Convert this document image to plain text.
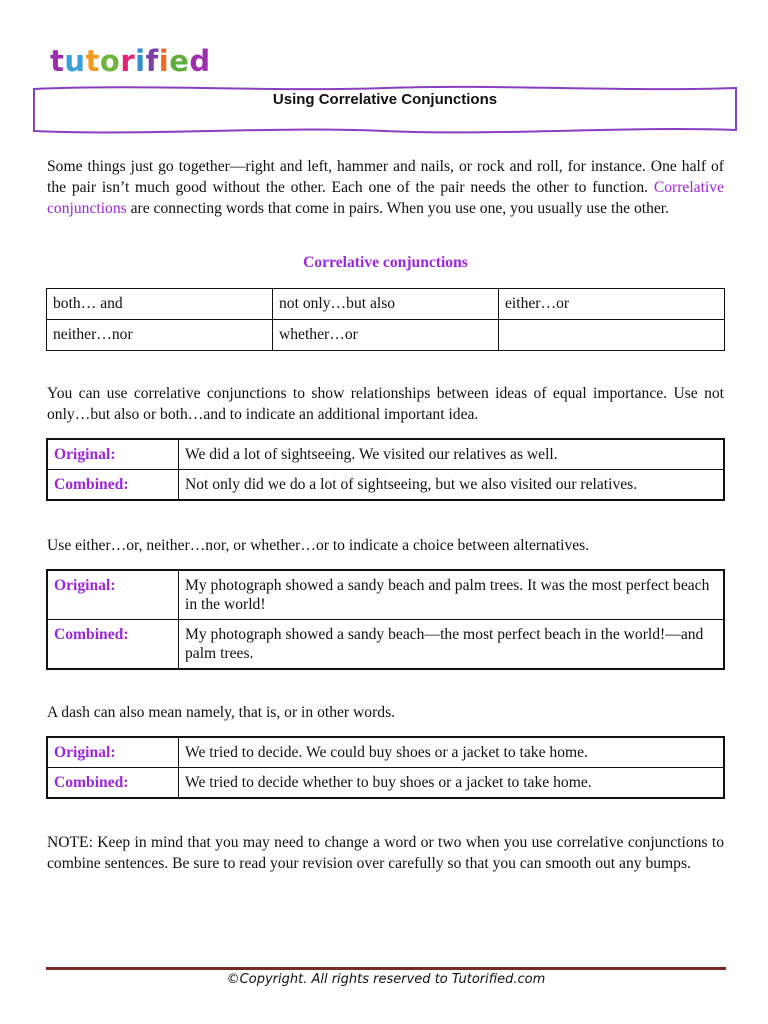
tutorified
Using Correlative Conjunctions

Some things just go together—right and left, hammer and nails, or rock and roll, for instance. One half of the pair isn’t much good without the other. Each one of the pair needs the other to function. Correlative conjunctions are connecting words that come in pairs. When you use one, you usually use the other.

Correlative conjunctions
both… and	not only…but also	either…or
neither…nor	whether…or	

You can use correlative conjunctions to show relationships between ideas of equal importance. Use not only…but also or both…and to indicate an additional important idea.

Original:	We did a lot of sightseeing. We visited our relatives as well.
Combined:	Not only did we do a lot of sightseeing, but we also visited our relatives.

Use either…or, neither…nor, or whether…or to indicate a choice between alternatives.

Original:	My photograph showed a sandy beach and palm trees. It was the most perfect beach in the world!
Combined:	My photograph showed a sandy beach—the most perfect beach in the world!—and palm trees.

A dash can also mean namely, that is, or in other words.

Original:	We tried to decide. We could buy shoes or a jacket to take home.
Combined:	We tried to decide whether to buy shoes or a jacket to take home.

NOTE: Keep in mind that you may need to change a word or two when you use correlative conjunctions to combine sentences. Be sure to read your revision over carefully so that you can smooth out any bumps.

©Copyright. All rights reserved to Tutorified.com
